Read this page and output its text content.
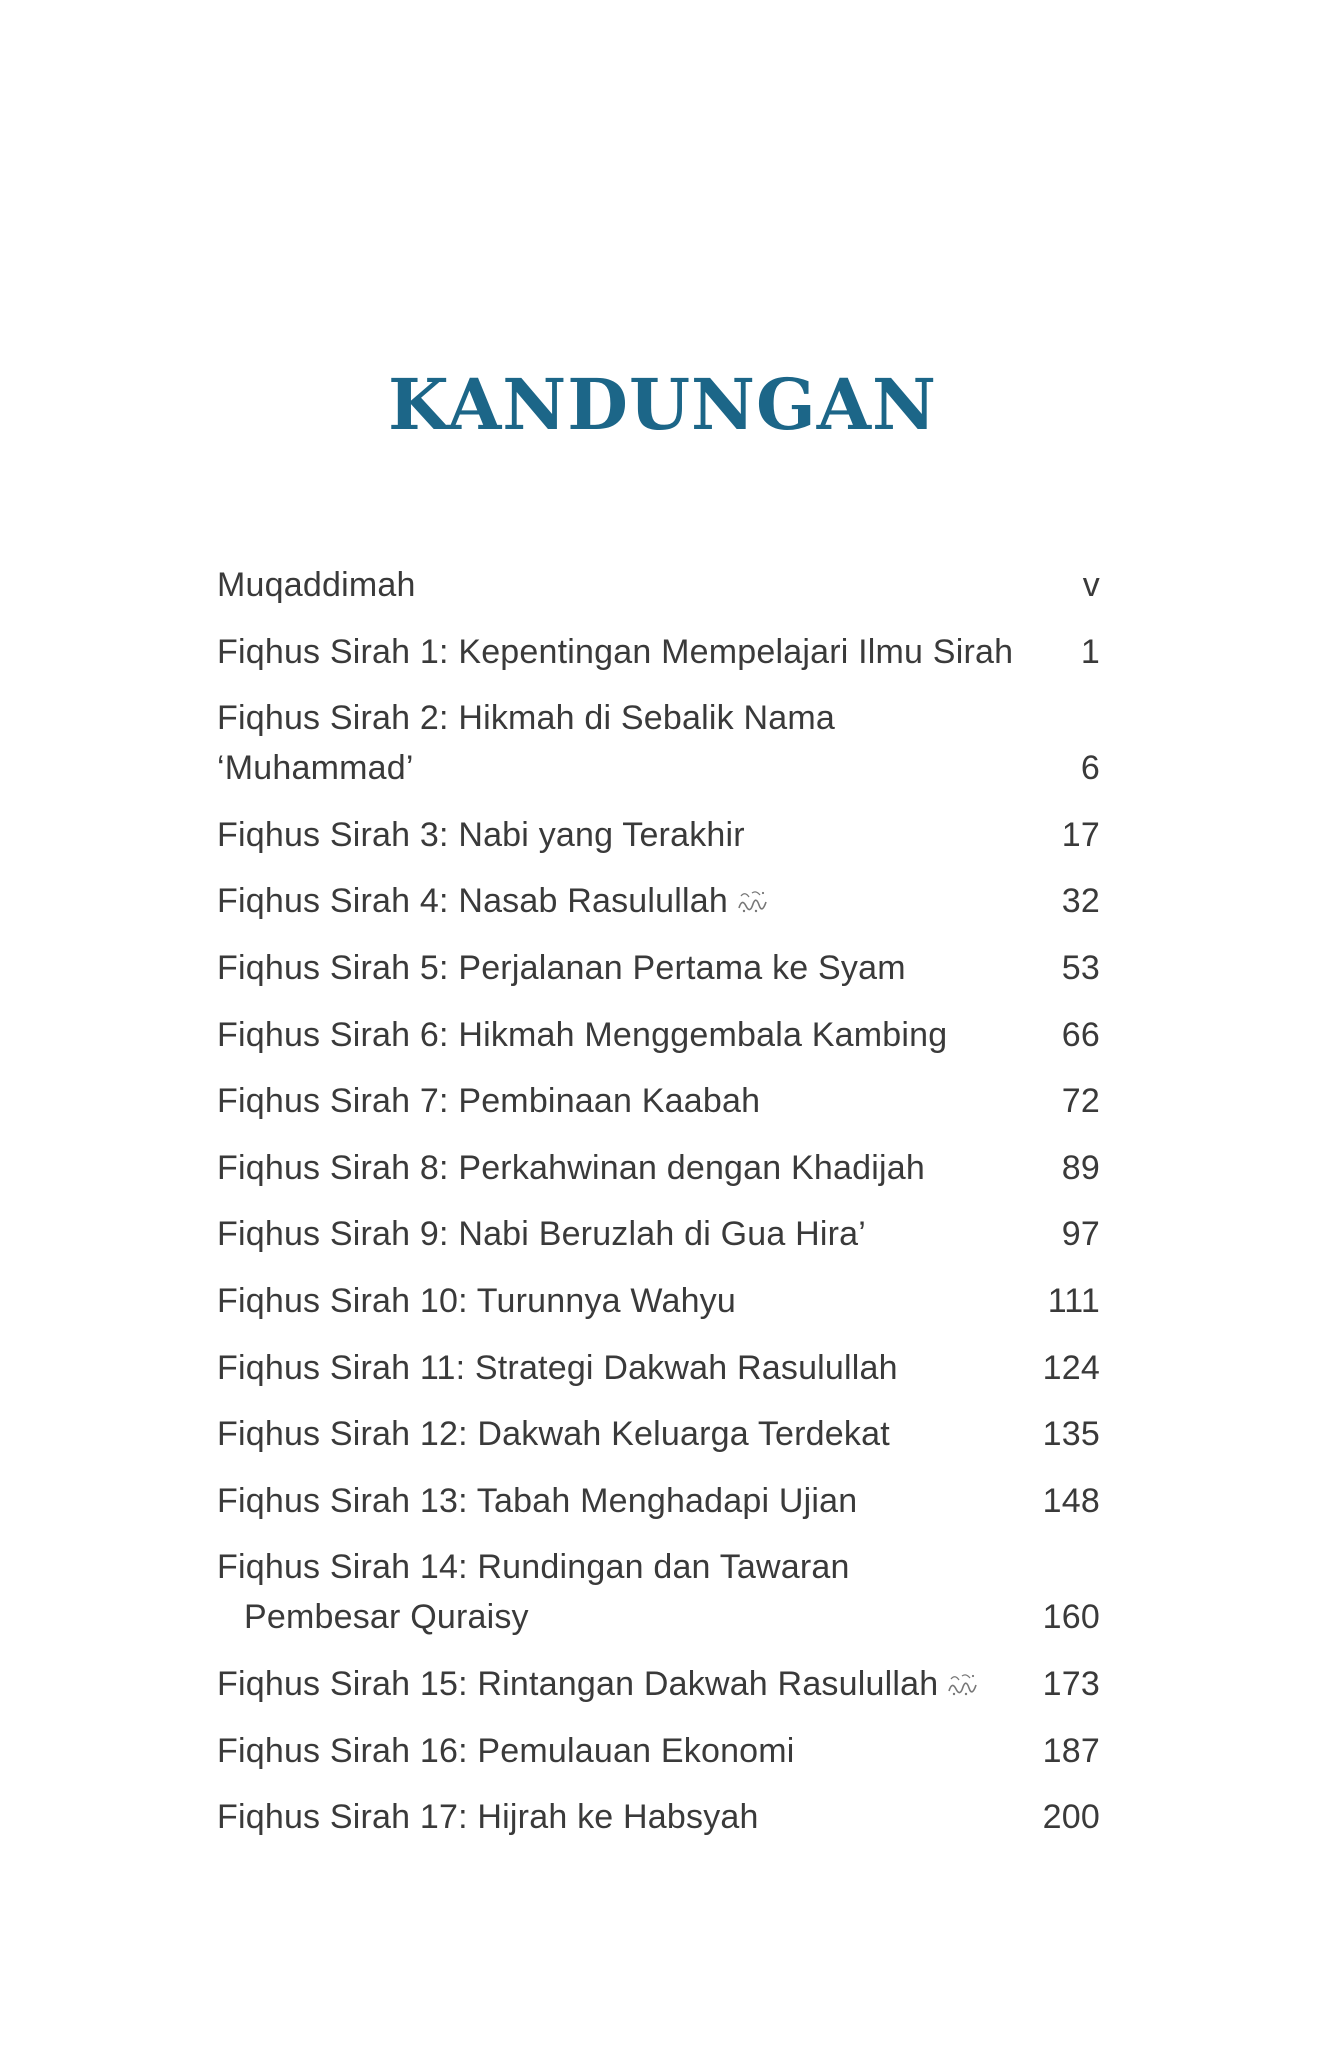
KANDUNGAN
Muqaddimah	v
Fiqhus Sirah 1: Kepentingan Mempelajari Ilmu Sirah	1
Fiqhus Sirah 2: Hikmah di Sebalik Nama ‘Muhammad’	6
Fiqhus Sirah 3: Nabi yang Terakhir	17
Fiqhus Sirah 4: Nasab Rasulullah	32
Fiqhus Sirah 5: Perjalanan Pertama ke Syam	53
Fiqhus Sirah 6: Hikmah Menggembala Kambing	66
Fiqhus Sirah 7: Pembinaan Kaabah	72
Fiqhus Sirah 8: Perkahwinan dengan Khadijah	89
Fiqhus Sirah 9: Nabi Beruzlah di Gua Hira’	97
Fiqhus Sirah 10: Turunnya Wahyu	111
Fiqhus Sirah 11: Strategi Dakwah Rasulullah	124
Fiqhus Sirah 12: Dakwah Keluarga Terdekat	135
Fiqhus Sirah 13: Tabah Menghadapi Ujian	148
Fiqhus Sirah 14: Rundingan dan Tawaran
Pembesar Quraisy	160
Fiqhus Sirah 15: Rintangan Dakwah Rasulullah	173
Fiqhus Sirah 16: Pemulauan Ekonomi	187
Fiqhus Sirah 17: Hijrah ke Habsyah	200
